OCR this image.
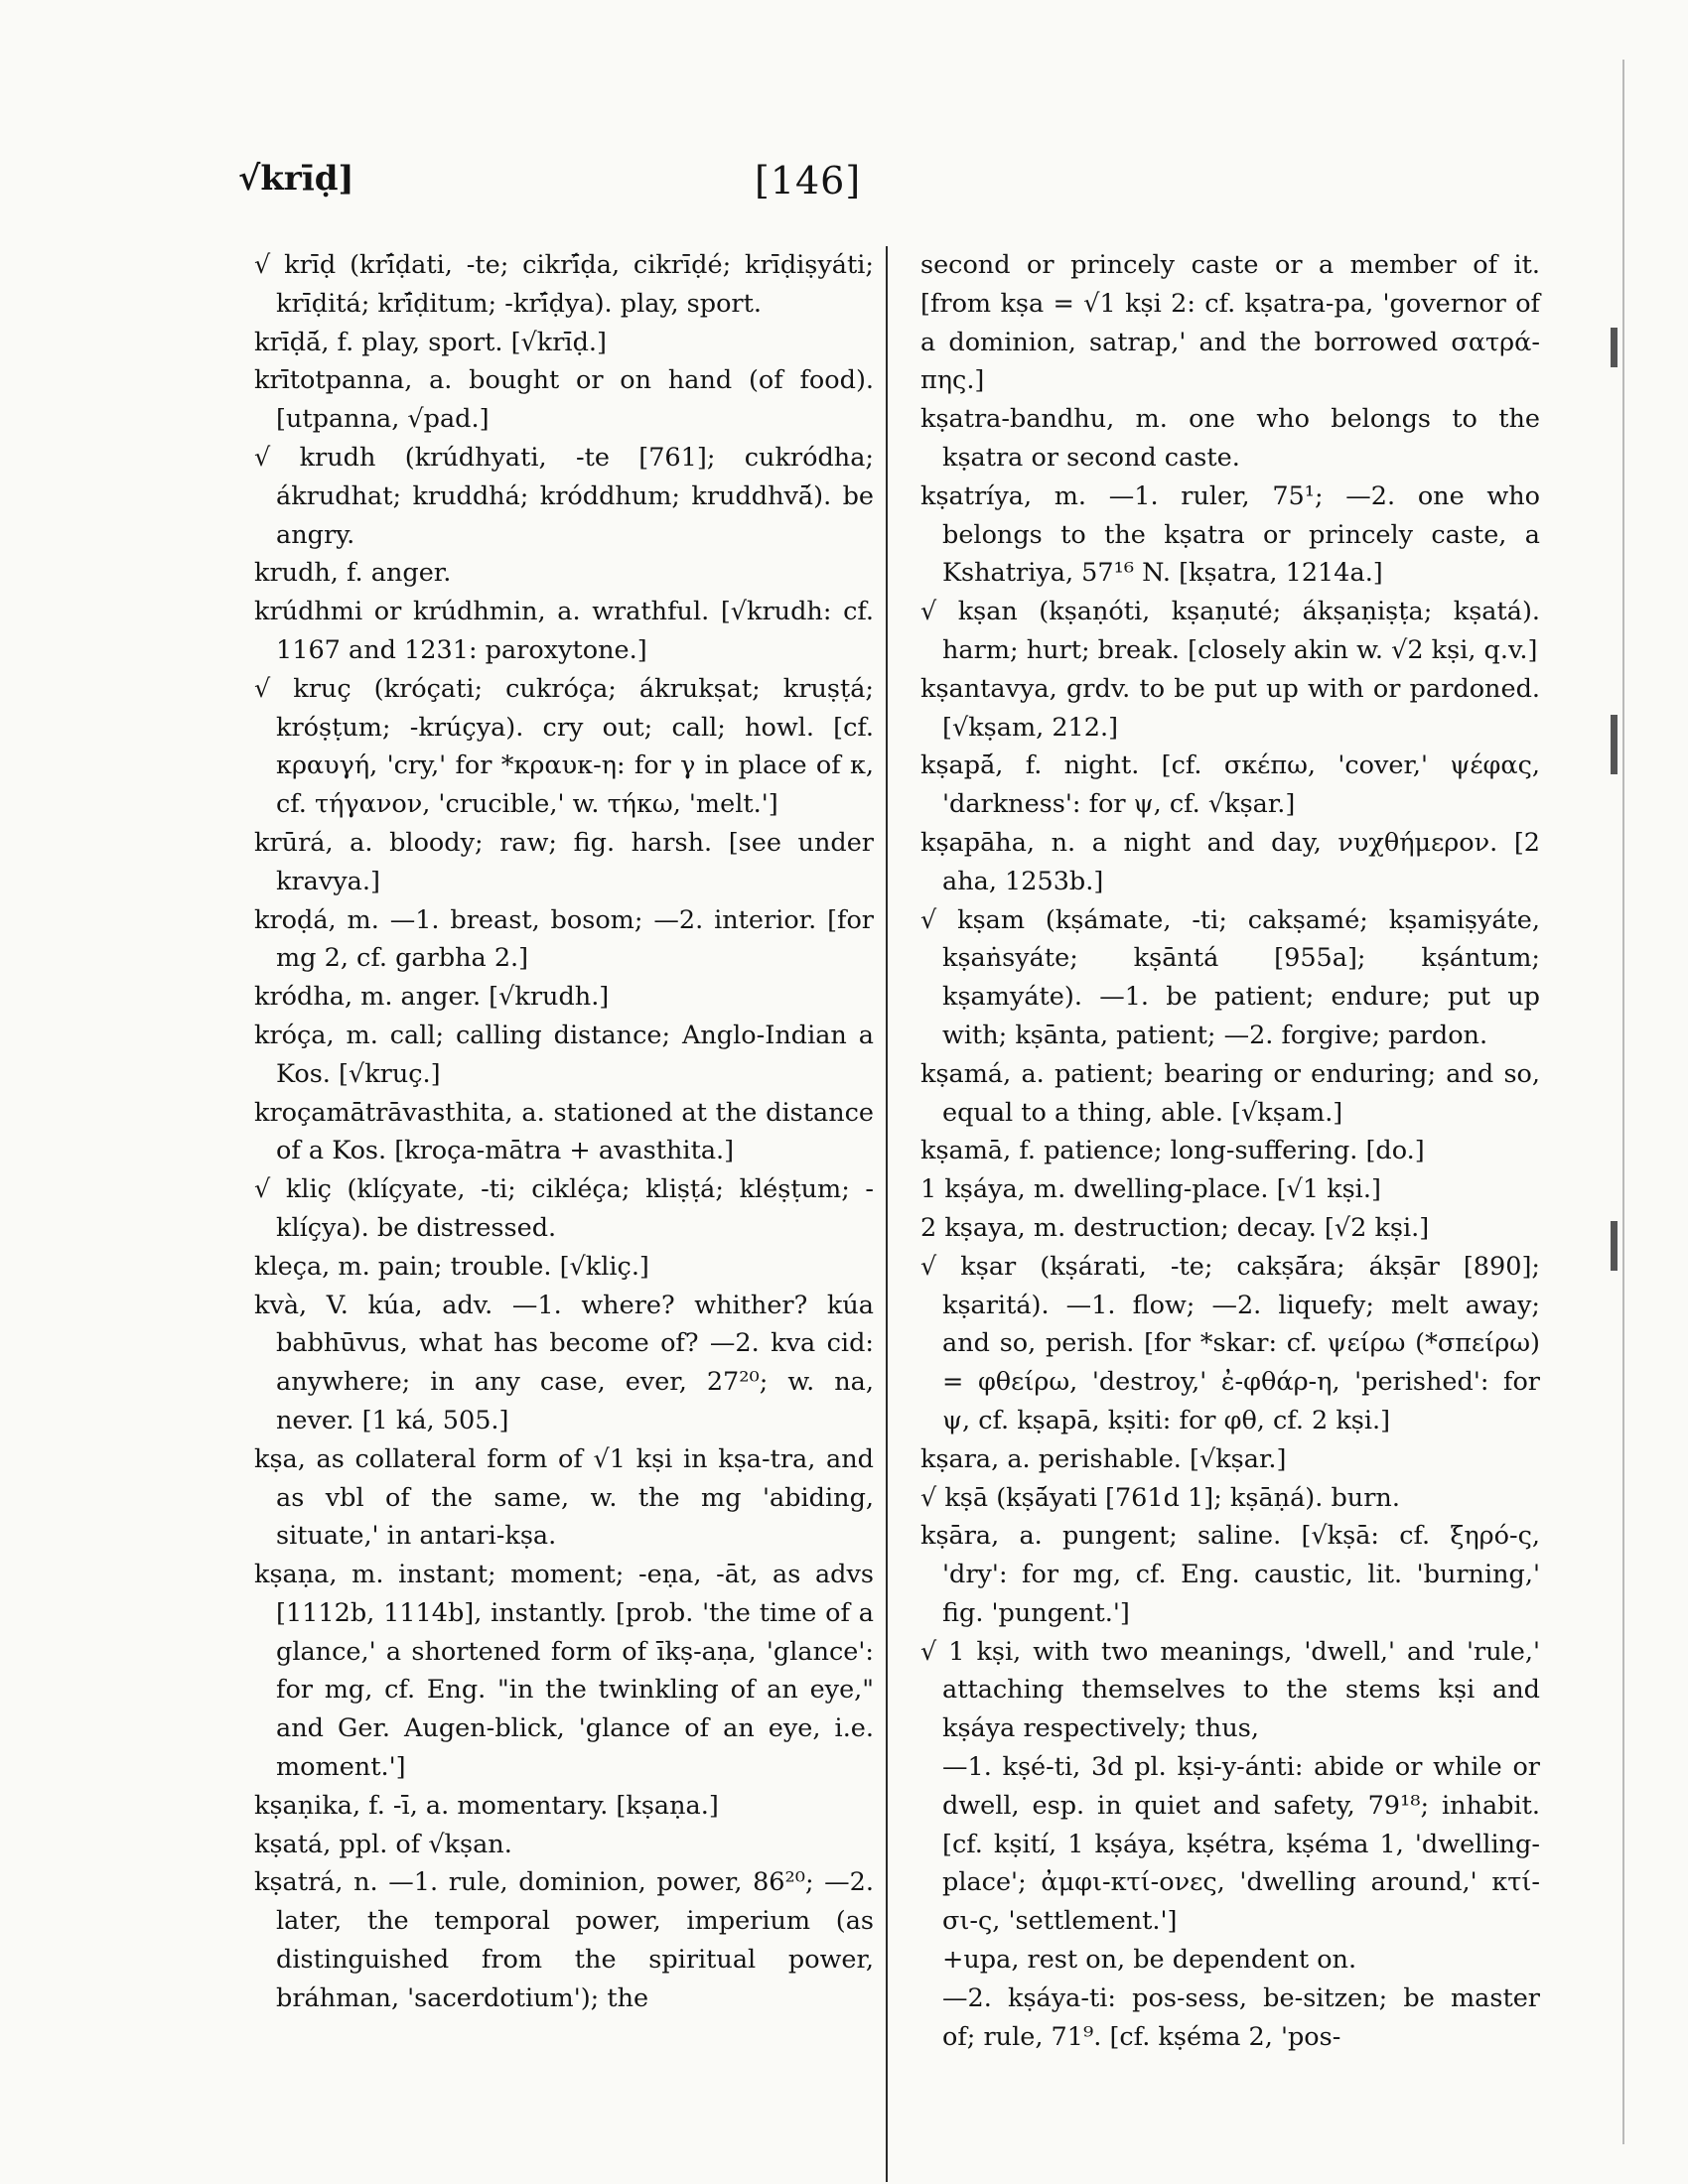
√krīḍ]	[146]

√ krīḍ (krī́ḍati, -te; cikrī́ḍa, cikrīḍé; krīḍiṣyáti; krīḍitá; krī́ḍitum; -krī́ḍya). play, sport.

krīḍā́, f. play, sport. [√krīḍ.]

krītotpanna, a. bought or on hand (of food). [utpanna, √pad.]

√ krudh (krúdhyati, -te [761]; cukródha; ákrudhat; kruddhá; króddhum; kruddhvā́). be angry.

krudh, f. anger.

krúdhmi or krúdhmin, a. wrathful. [√krudh: cf. 1167 and 1231: paroxytone.]

√ kruç (króçati; cukróça; ákrukṣat; kruṣṭá; króṣṭum; -krúçya). cry out; call; howl. [cf. κραυγή, 'cry,' for *κραυκ-η: for γ in place of κ, cf. τήγανον, 'crucible,' w. τήκω, 'melt.']

krūrá, a. bloody; raw; fig. harsh. [see under kravya.]

kroḍá, m. —1. breast, bosom; —2. interior. [for mg 2, cf. garbha 2.]

kródha, m. anger. [√krudh.]

króça, m. call; calling distance; Anglo-Indian a Kos. [√kruç.]

kroçamātrāvasthita, a. stationed at the distance of a Kos. [kroça-mātra + avasthita.]

√ kliç (klíçyate, -ti; cikléça; kliṣṭá; kléṣṭum; -klíçya). be distressed.

kleça, m. pain; trouble. [√kliç.]

kvà, V. kúa, adv. —1. where? whither? kúa babhūvus, what has become of? —2. kva cid: anywhere; in any case, ever, 27²⁰; w. na, never. [1 ká, 505.]

kṣa, as collateral form of √1 kṣi in kṣa-tra, and as vbl of the same, w. the mg 'abiding, situate,' in antari-kṣa.

kṣaṇa, m. instant; moment; -eṇa, -āt, as advs [1112b, 1114b], instantly. [prob. 'the time of a glance,' a shortened form of īkṣ-aṇa, 'glance': for mg, cf. Eng. "in the twinkling of an eye," and Ger. Augen-blick, 'glance of an eye, i.e. moment.']

kṣaṇika, f. -ī, a. momentary. [kṣaṇa.]

kṣatá, ppl. of √kṣan.

kṣatrá, n. —1. rule, dominion, power, 86²⁰; —2. later, the temporal power, imperium (as distinguished from the spiritual power, bráhman, 'sacerdotium'); the

second or princely caste or a member of it. [from kṣa = √1 kṣi 2: cf. kṣatra-pa, 'governor of a dominion, satrap,' and the borrowed σατρά-πης.]

kṣatra-bandhu, m. one who belongs to the kṣatra or second caste.

kṣatríya, m. —1. ruler, 75¹; —2. one who belongs to the kṣatra or princely caste, a Kshatriya, 57¹⁶ N. [kṣatra, 1214a.]

√ kṣan (kṣaṇóti, kṣaṇuté; ákṣaṇiṣṭa; kṣatá). harm; hurt; break. [closely akin w. √2 kṣi, q.v.]

kṣantavya, grdv. to be put up with or pardoned. [√kṣam, 212.]

kṣapā́, f. night. [cf. σκέπω, 'cover,' ψέφας, 'darkness': for ψ, cf. √kṣar.]

kṣapāha, n. a night and day, νυχθήμερον. [2 aha, 1253b.]

√ kṣam (kṣámate, -ti; cakṣamé; kṣamiṣyáte, kṣaṅsyáte; kṣāntá [955a]; kṣántum; kṣamyáte). —1. be patient; endure; put up with; kṣānta, patient; —2. forgive; pardon.

kṣamá, a. patient; bearing or enduring; and so, equal to a thing, able. [√kṣam.]

kṣamā, f. patience; long-suffering. [do.]

1 kṣáya, m. dwelling-place. [√1 kṣi.]

2 kṣaya, m. destruction; decay. [√2 kṣi.]

√ kṣar (kṣárati, -te; cakṣā́ra; ákṣār [890]; kṣaritá). —1. flow; —2. liquefy; melt away; and so, perish. [for *skar: cf. ψείρω (*σπείρω) = φθείρω, 'destroy,' ἐ-φθάρ-η, 'perished': for ψ, cf. kṣapā, kṣiti: for φθ, cf. 2 kṣi.]

kṣara, a. perishable. [√kṣar.]

√ kṣā (kṣā́yati [761d 1]; kṣāṇá). burn.

kṣāra, a. pungent; saline. [√kṣā: cf. ξηρό-ς, 'dry': for mg, cf. Eng. caustic, lit. 'burning,' fig. 'pungent.']

√ 1 kṣi, with two meanings, 'dwell,' and 'rule,' attaching themselves to the stems kṣi and kṣáya respectively; thus,

—1. kṣé-ti, 3d pl. kṣi-y-ánti: abide or while or dwell, esp. in quiet and safety, 79¹⁸; inhabit. [cf. kṣití, 1 kṣáya, kṣétra, kṣéma 1, 'dwelling-place'; ἀμφι-κτί-ονες, 'dwelling around,' κτί-σι-ς, 'settlement.']

+upa, rest on, be dependent on.

—2. kṣáya-ti: pos-sess, be-sitzen; be master of; rule, 71⁹. [cf. kṣéma 2, 'pos-
